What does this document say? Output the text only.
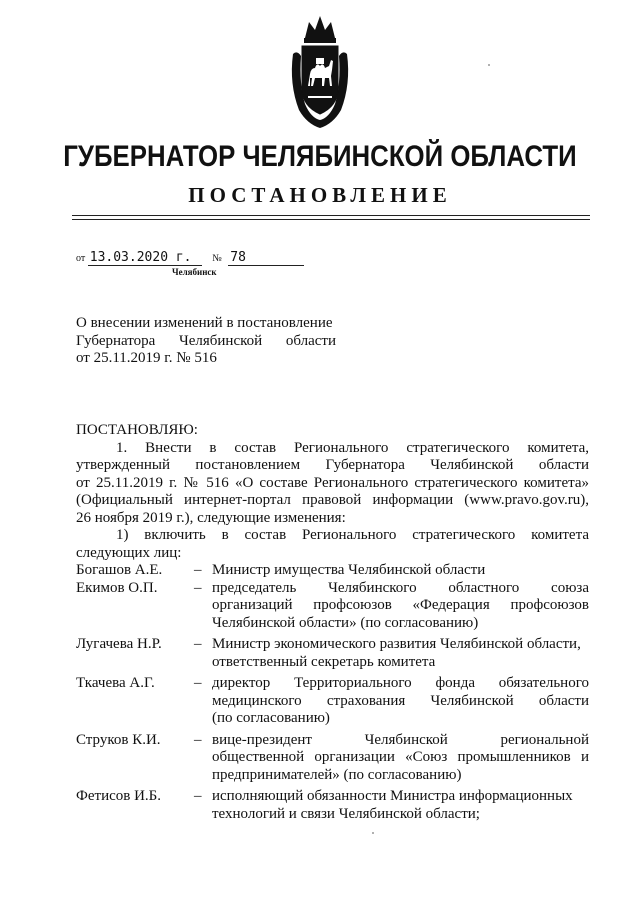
ГУБЕРНАТОР ЧЕЛЯБИНСКОЙ ОБЛАСТИ
ПОСТАНОВЛЕНИЕ
от 13.03.2020 г. № 78
Челябинск
О внесении изменений в постановление
Губернатора Челябинской области
от 25.11.2019 г. № 516
ПОСТАНОВЛЯЮ:
1. Внести в состав Регионального стратегического комитета,
утвержденный постановлением Губернатора Челябинской области
от 25.11.2019 г. № 516 «О составе Регионального стратегического комитета»
(Официальный интернет-портал правовой информации (www.pravo.gov.ru),
26 ноября 2019 г.), следующие изменения:
1) включить в состав Регионального стратегического комитета
следующих лиц:
Богашов А.Е.	– Министр имущества Челябинской области
Екимов О.П.	– председатель Челябинского областного союза
организаций профсоюзов «Федерация профсоюзов
Челябинской области» (по согласованию)
Лугачева Н.Р.	– Министр экономического развития Челябинской области,
ответственный секретарь комитета
Ткачева А.Г.	– директор Территориального фонда обязательного
медицинского страхования Челябинской области
(по согласованию)
Струков К.И.	– вице-президент Челябинской региональной
общественной организации «Союз промышленников и
предпринимателей» (по согласованию)
Фетисов И.Б.	– исполняющий обязанности Министра информационных
технологий и связи Челябинской области;
